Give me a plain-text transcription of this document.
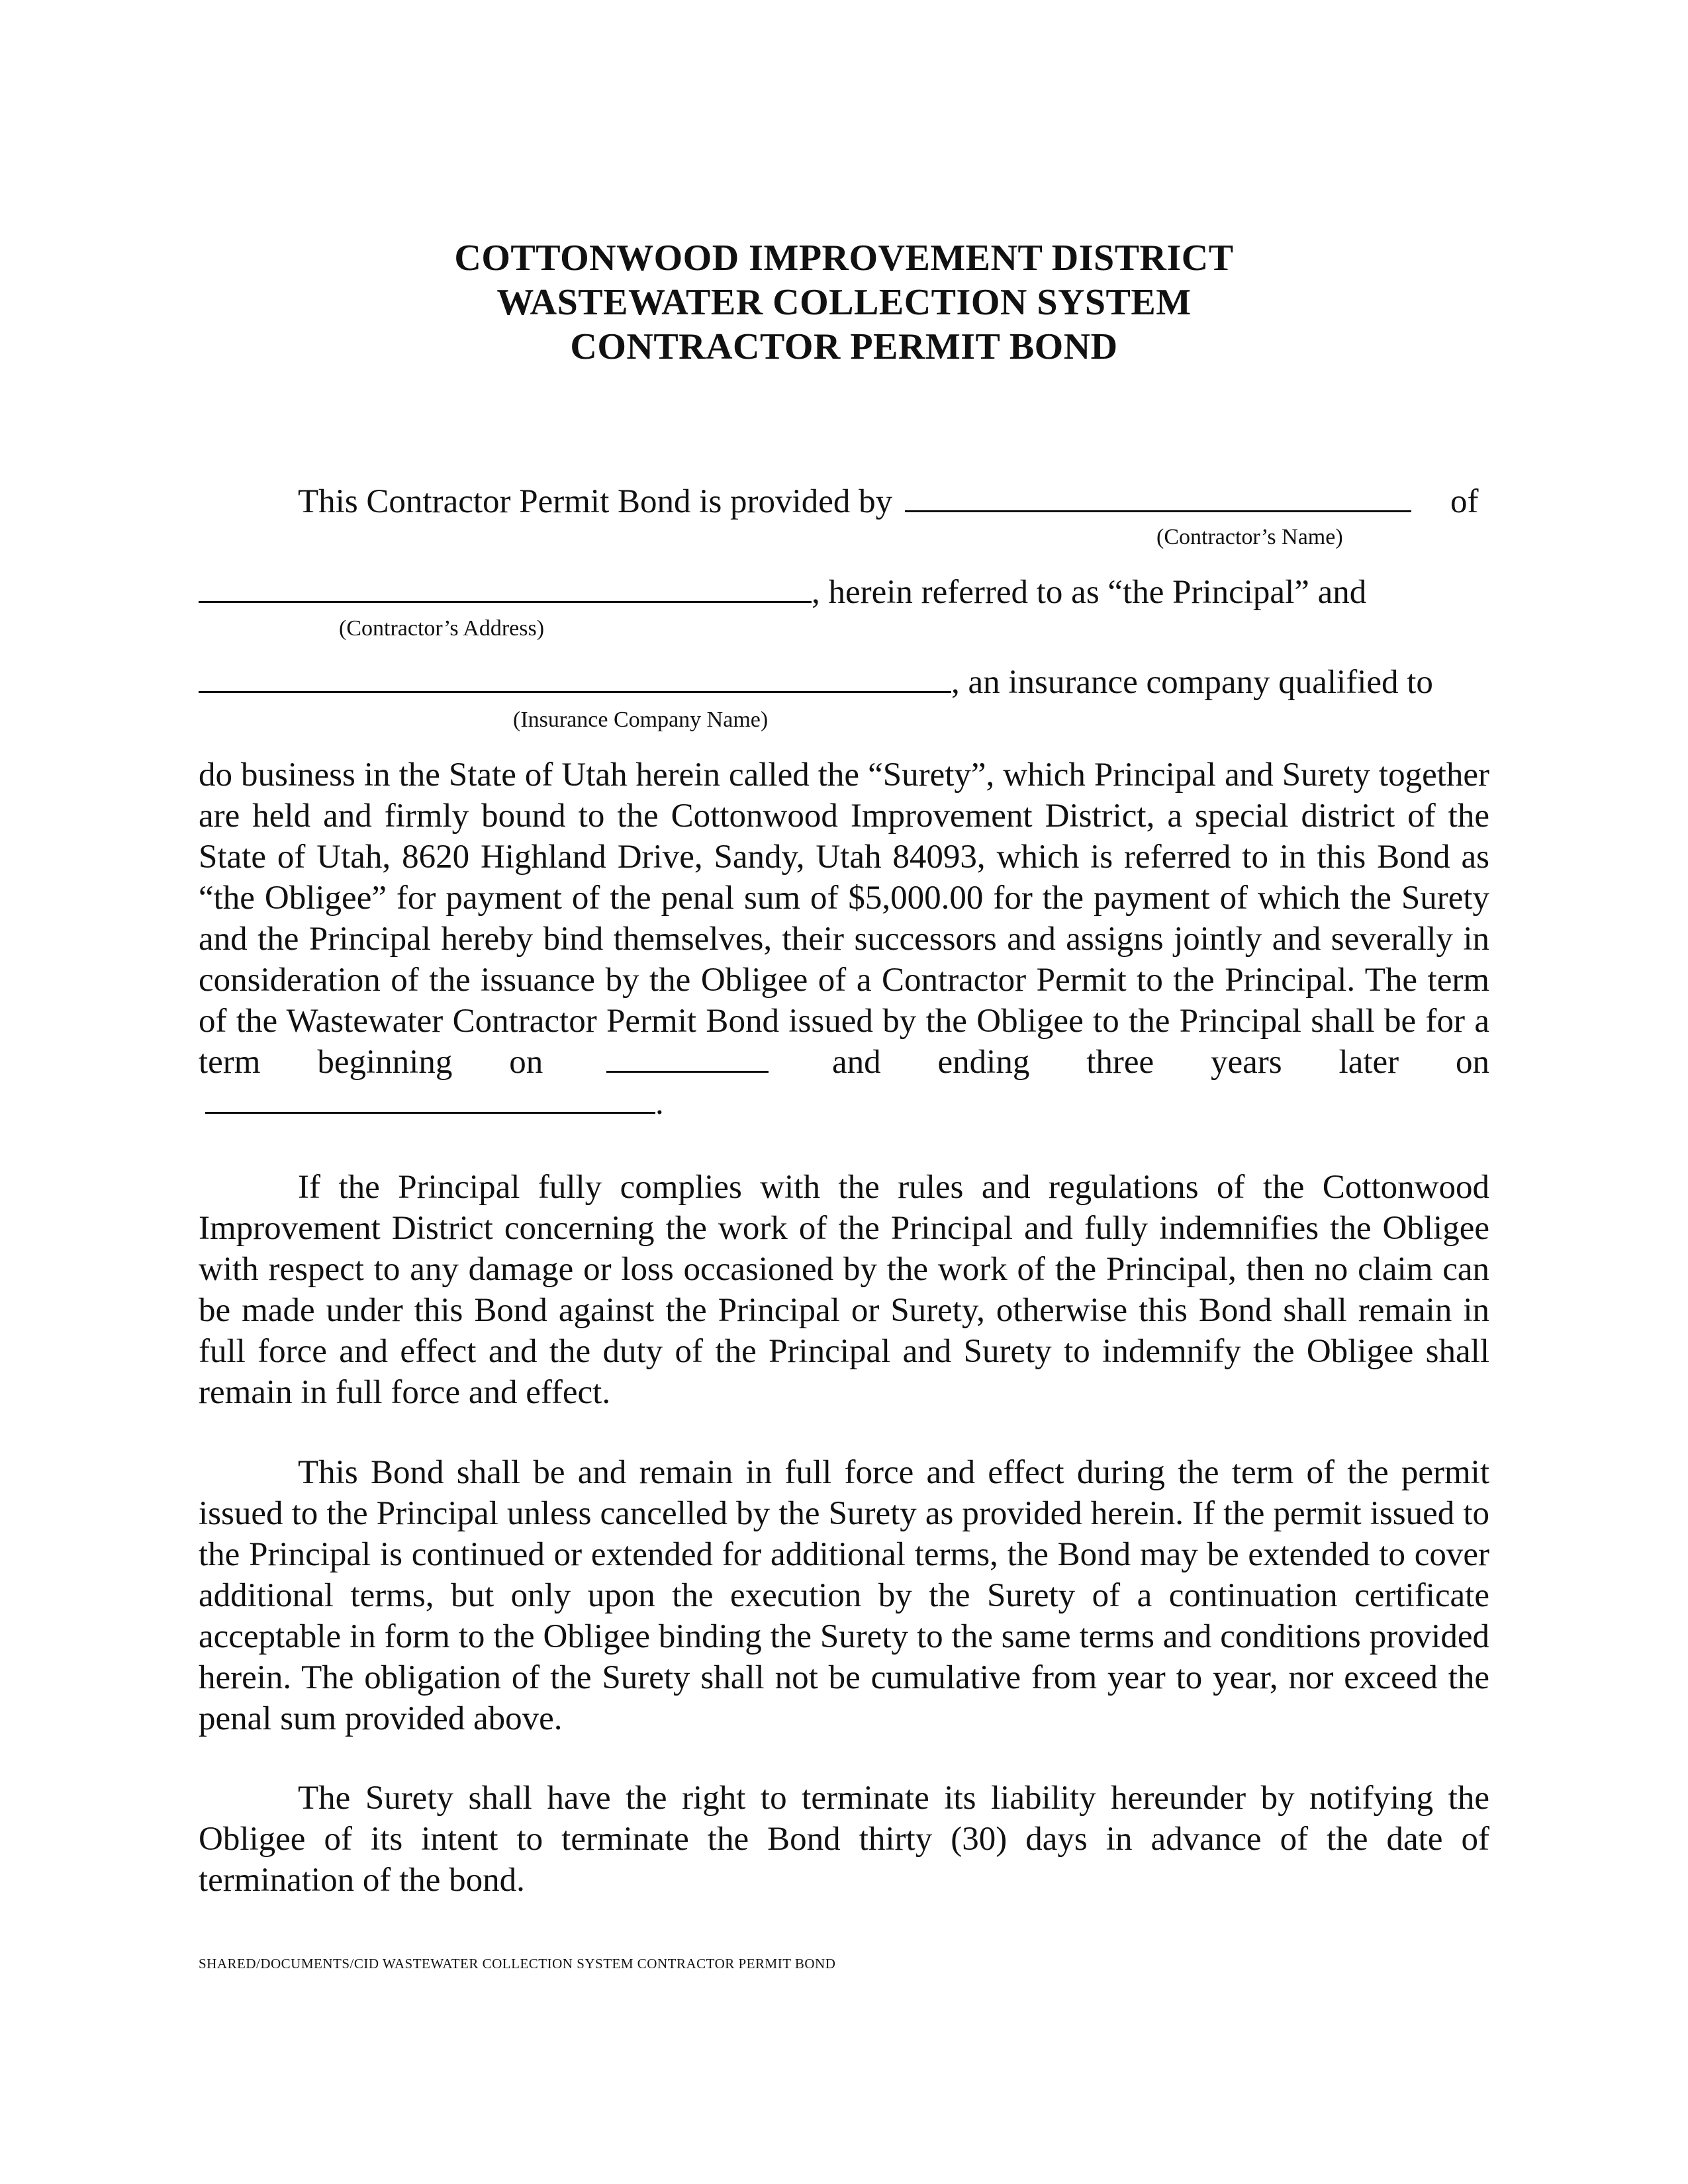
COTTONWOOD IMPROVEMENT DISTRICT
WASTEWATER COLLECTION SYSTEM
CONTRACTOR PERMIT BOND
This Contractor Permit Bond is provided by	of
(Contractor’s Name)
, herein referred to as “the Principal” and
(Contractor’s Address)
, an insurance company qualified to
(Insurance Company Name)

do business in the State of Utah herein called the “Surety”, which Principal and Surety together are held and firmly bound to the Cottonwood Improvement District, a special district of the State of Utah, 8620 Highland Drive, Sandy, Utah 84093, which is referred to in this Bond as “the Obligee” for payment of the penal sum of $5,000.00 for the payment of which the Surety and the Principal hereby bind themselves, their successors and assigns jointly and severally in consideration of the issuance by the Obligee of a Contractor Permit to the Principal. The term of the Wastewater Contractor Permit Bond issued by the Obligee to the Principal shall be for a term beginning on	and ending three years later on .

If the Principal fully complies with the rules and regulations of the Cottonwood Improvement District concerning the work of the Principal and fully indemnifies the Obligee with respect to any damage or loss occasioned by the work of the Principal, then no claim can be made under this Bond against the Principal or Surety, otherwise this Bond shall remain in full force and effect and the duty of the Principal and Surety to indemnify the Obligee shall remain in full force and effect.

This Bond shall be and remain in full force and effect during the term of the permit issued to the Principal unless cancelled by the Surety as provided herein. If the permit issued to the Principal is continued or extended for additional terms, the Bond may be extended to cover additional terms, but only upon the execution by the Surety of a continuation certificate acceptable in form to the Obligee binding the Surety to the same terms and conditions provided herein. The obligation of the Surety shall not be cumulative from year to year, nor exceed the penal sum provided above.

The Surety shall have the right to terminate its liability hereunder by notifying the Obligee of its intent to terminate the Bond thirty (30) days in advance of the date of termination of the bond.

SHARED/DOCUMENTS/CID WASTEWATER COLLECTION SYSTEM CONTRACTOR PERMIT BOND
